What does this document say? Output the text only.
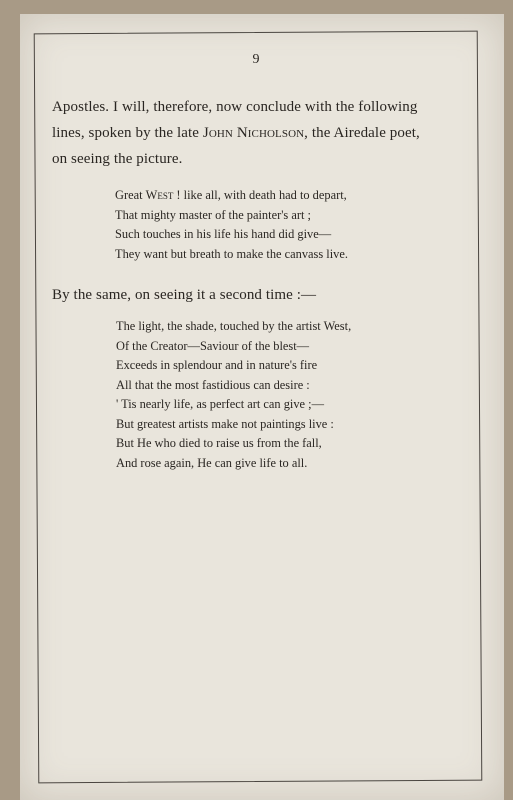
9
Apostles. I will, therefore, now conclude with the following
lines, spoken by the late John Nicholson, the Airedale poet,
on seeing the picture.
Great West ! like all, with death had to depart,
That mighty master of the painter's art ;
Such touches in his life his hand did give—
They want but breath to make the canvass live.
By the same, on seeing it a second time :—
The light, the shade, touched by the artist West,
Of the Creator—Saviour of the blest—
Exceeds in splendour and in nature's fire
All that the most fastidious can desire :
' Tis nearly life, as perfect art can give ;—
But greatest artists make not paintings live :
But He who died to raise us from the fall,
And rose again, He can give life to all.
